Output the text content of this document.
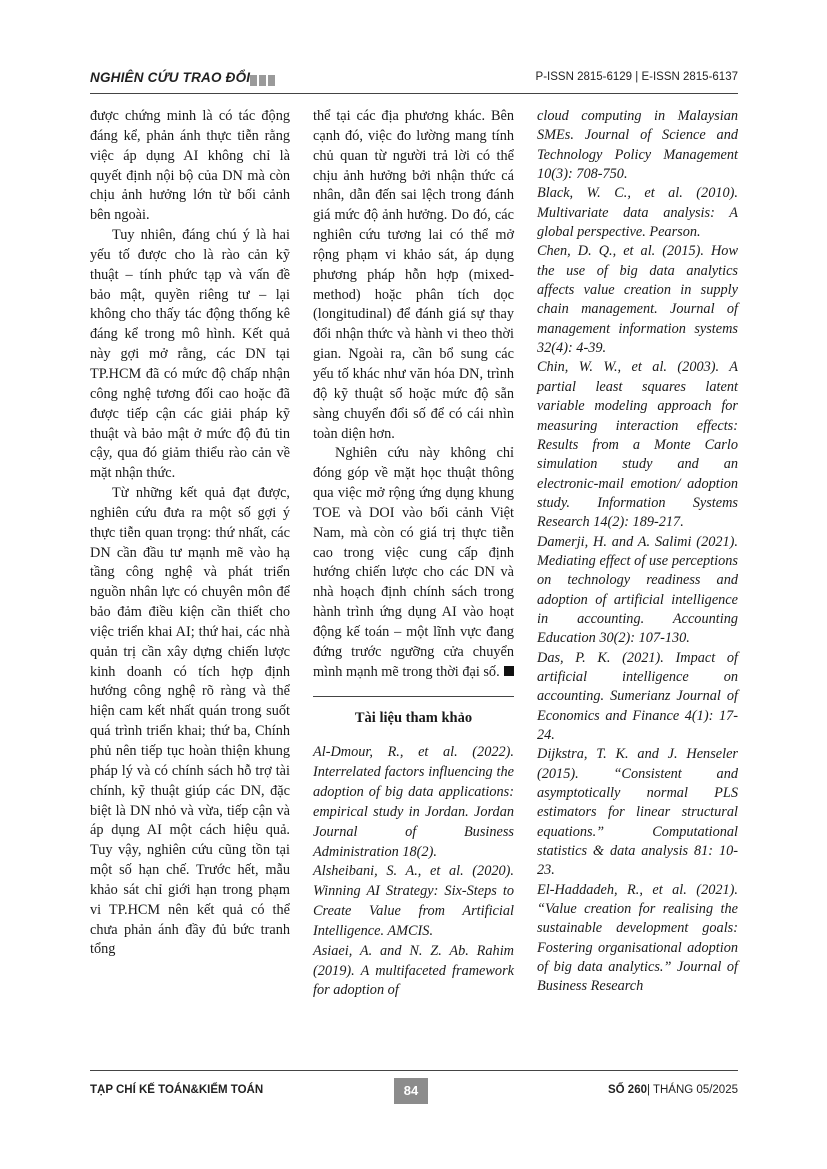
NGHIÊN CỨU TRAO ĐỔI	P-ISSN 2815-6129 | E-ISSN 2815-6137

được chứng minh là có tác động đáng kể, phản ánh thực tiễn rằng việc áp dụng AI không chỉ là quyết định nội bộ của DN mà còn chịu ảnh hưởng lớn từ bối cảnh bên ngoài.

Tuy nhiên, đáng chú ý là hai yếu tố được cho là rào cản kỹ thuật – tính phức tạp và vấn đề bảo mật, quyền riêng tư – lại không cho thấy tác động thống kê đáng kể trong mô hình. Kết quả này gợi mở rằng, các DN tại TP.HCM đã có mức độ chấp nhận công nghệ tương đối cao hoặc đã được tiếp cận các giải pháp kỹ thuật và bảo mật ở mức độ đủ tin cậy, qua đó giảm thiểu rào cản về mặt nhận thức.

Từ những kết quả đạt được, nghiên cứu đưa ra một số gợi ý thực tiễn quan trọng: thứ nhất, các DN cần đầu tư mạnh mẽ vào hạ tầng công nghệ và phát triển nguồn nhân lực có chuyên môn để bảo đảm điều kiện cần thiết cho việc triển khai AI; thứ hai, các nhà quản trị cần xây dựng chiến lược kinh doanh có tích hợp định hướng công nghệ rõ ràng và thể hiện cam kết nhất quán trong suốt quá trình triển khai; thứ ba, Chính phủ nên tiếp tục hoàn thiện khung pháp lý và có chính sách hỗ trợ tài chính, kỹ thuật giúp các DN, đặc biệt là DN nhỏ và vừa, tiếp cận và áp dụng AI một cách hiệu quả. Tuy vậy, nghiên cứu cũng tồn tại một số hạn chế. Trước hết, mẫu khảo sát chỉ giới hạn trong phạm vi TP.HCM nên kết quả có thể chưa phản ánh đầy đủ bức tranh tổng

thể tại các địa phương khác. Bên cạnh đó, việc đo lường mang tính chủ quan từ người trả lời có thể chịu ảnh hưởng bởi nhận thức cá nhân, dẫn đến sai lệch trong đánh giá mức độ ảnh hưởng. Do đó, các nghiên cứu tương lai có thể mở rộng phạm vi khảo sát, áp dụng phương pháp hỗn hợp (mixed-method) hoặc phân tích dọc (longitudinal) để đánh giá sự thay đổi nhận thức và hành vi theo thời gian. Ngoài ra, cần bổ sung các yếu tố khác như văn hóa DN, trình độ kỹ thuật số hoặc mức độ sẵn sàng chuyển đổi số để có cái nhìn toàn diện hơn.

Nghiên cứu này không chỉ đóng góp về mặt học thuật thông qua việc mở rộng ứng dụng khung TOE và DOI vào bối cảnh Việt Nam, mà còn có giá trị thực tiễn cao trong việc cung cấp định hướng chiến lược cho các DN và nhà hoạch định chính sách trong hành trình ứng dụng AI vào hoạt động kế toán – một lĩnh vực đang đứng trước ngưỡng cửa chuyển mình mạnh mẽ trong thời đại số.

Tài liệu tham khảo

Al-Dmour, R., et al. (2022). Interrelated factors influencing the adoption of big data applications: empirical study in Jordan. Jordan Journal of Business Administration 18(2).

Alsheibani, S. A., et al. (2020). Winning AI Strategy: Six-Steps to Create Value from Artificial Intelligence. AMCIS.

Asiaei, A. and N. Z. Ab. Rahim (2019). A multifaceted framework for adoption of

cloud computing in Malaysian SMEs. Journal of Science and Technology Policy Management 10(3): 708-750.

Black, W. C., et al. (2010). Multivariate data analysis: A global perspective. Pearson.

Chen, D. Q., et al. (2015). How the use of big data analytics affects value creation in supply chain management. Journal of management information systems 32(4): 4-39.

Chin, W. W., et al. (2003). A partial least squares latent variable modeling approach for measuring interaction effects: Results from a Monte Carlo simulation study and an electronic-mail emotion/ adoption study. Information Systems Research 14(2): 189-217.

Damerji, H. and A. Salimi (2021). Mediating effect of use perceptions on technology readiness and adoption of artificial intelligence in accounting. Accounting Education 30(2): 107-130.

Das, P. K. (2021). Impact of artificial intelligence on accounting. Sumerianz Journal of Economics and Finance 4(1): 17-24.

Dijkstra, T. K. and J. Henseler (2015). “Consistent and asymptotically normal PLS estimators for linear structural equations.” Computational statistics & data analysis 81: 10-23.

El-Haddadeh, R., et al. (2021). “Value creation for realising the sustainable development goals: Fostering organisational adoption of big data analytics.” Journal of Business Research

TẠP CHÍ KẾ TOÁN&KIỂM TOÁN	84	SỐ 260| THÁNG 05/2025
